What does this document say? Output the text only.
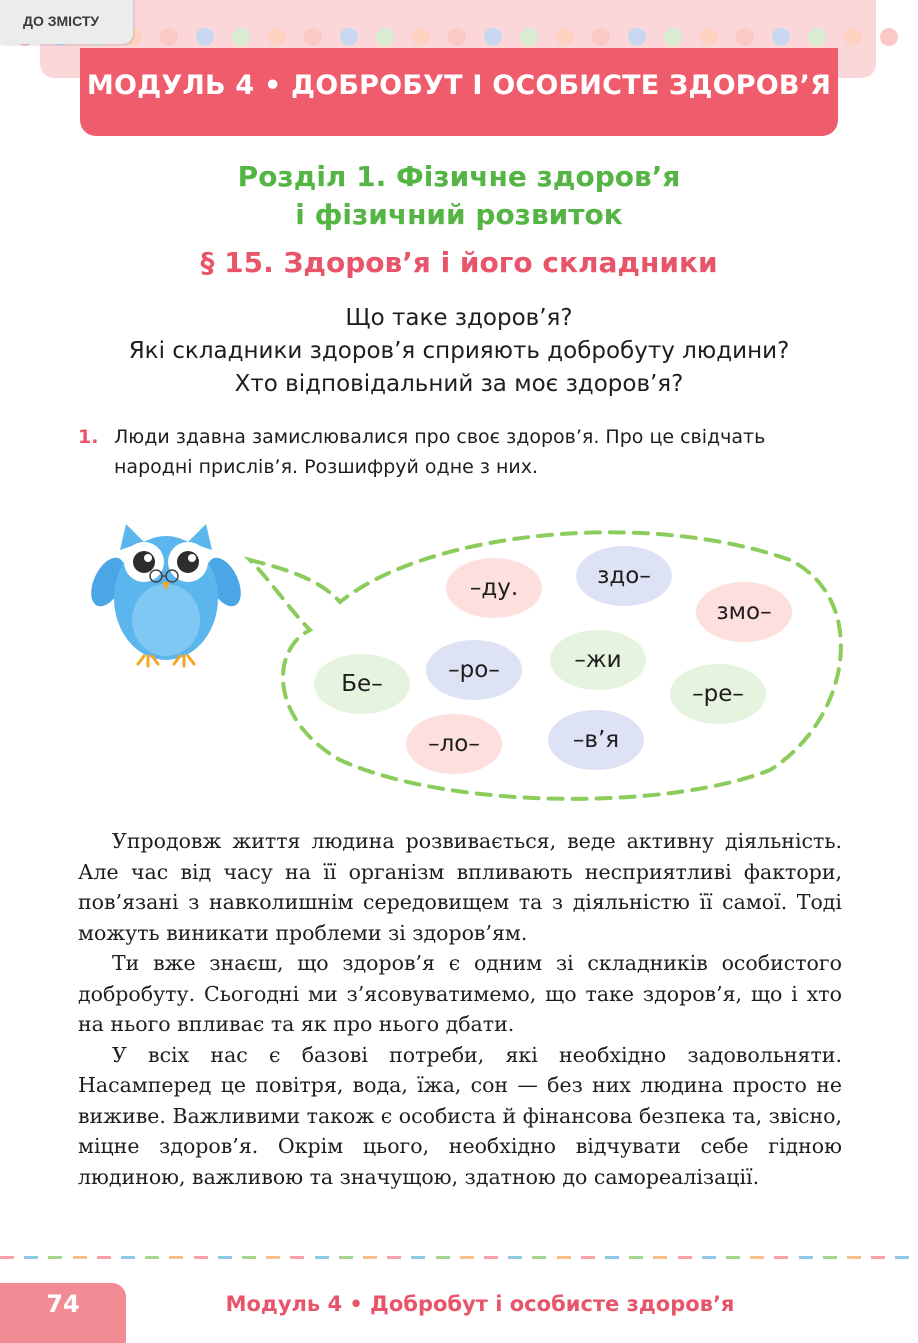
МОДУЛЬ 4 • ДОБРОБУТ І ОСОБИСТЕ ЗДОРОВ’Я
ДО ЗМІСТУ
Розділ 1. Фізичне здоров’я
і фізичний розвиток
§ 15. Здоров’я і його складники
Що таке здоров’я?
Які складники здоров’я сприяють добробуту людини?
Хто відповідальний за моє здоров’я?
1. Люди здавна замислювалися про своє здоров’я. Про це свідчать народні прислів’я. Розшифруй одне з них.
–ду.	здо–
змо–
–жи
–ро–
Бе–	–ре–
–в’я
–ло–

Упродовж життя людина розвивається, веде активну діяльність. Але час від часу на її організм впливають несприятливі фактори, пов’язані з навколишнім середовищем та з діяльністю її самої. Тоді можуть виникати проблеми зі здоров’ям.

Ти вже знаєш, що здоров’я є одним зі складників особистого добробуту. Сьогодні ми з’ясовуватимемо, що таке здоров’я, що і хто на нього впливає та як про нього дбати.

У всіх нас є базові потреби, які необхідно задовольняти. Насамперед це повітря, вода, їжа, сон — без них людина просто не виживе. Важливими також є особиста й фінансова безпека та, звісно, міцне здоров’я. Окрім цього, необхідно відчувати себе гідною людиною, важливою та значущою, здатною до самореалізації.

74	Модуль 4 • Добробут і особисте здоров’я
